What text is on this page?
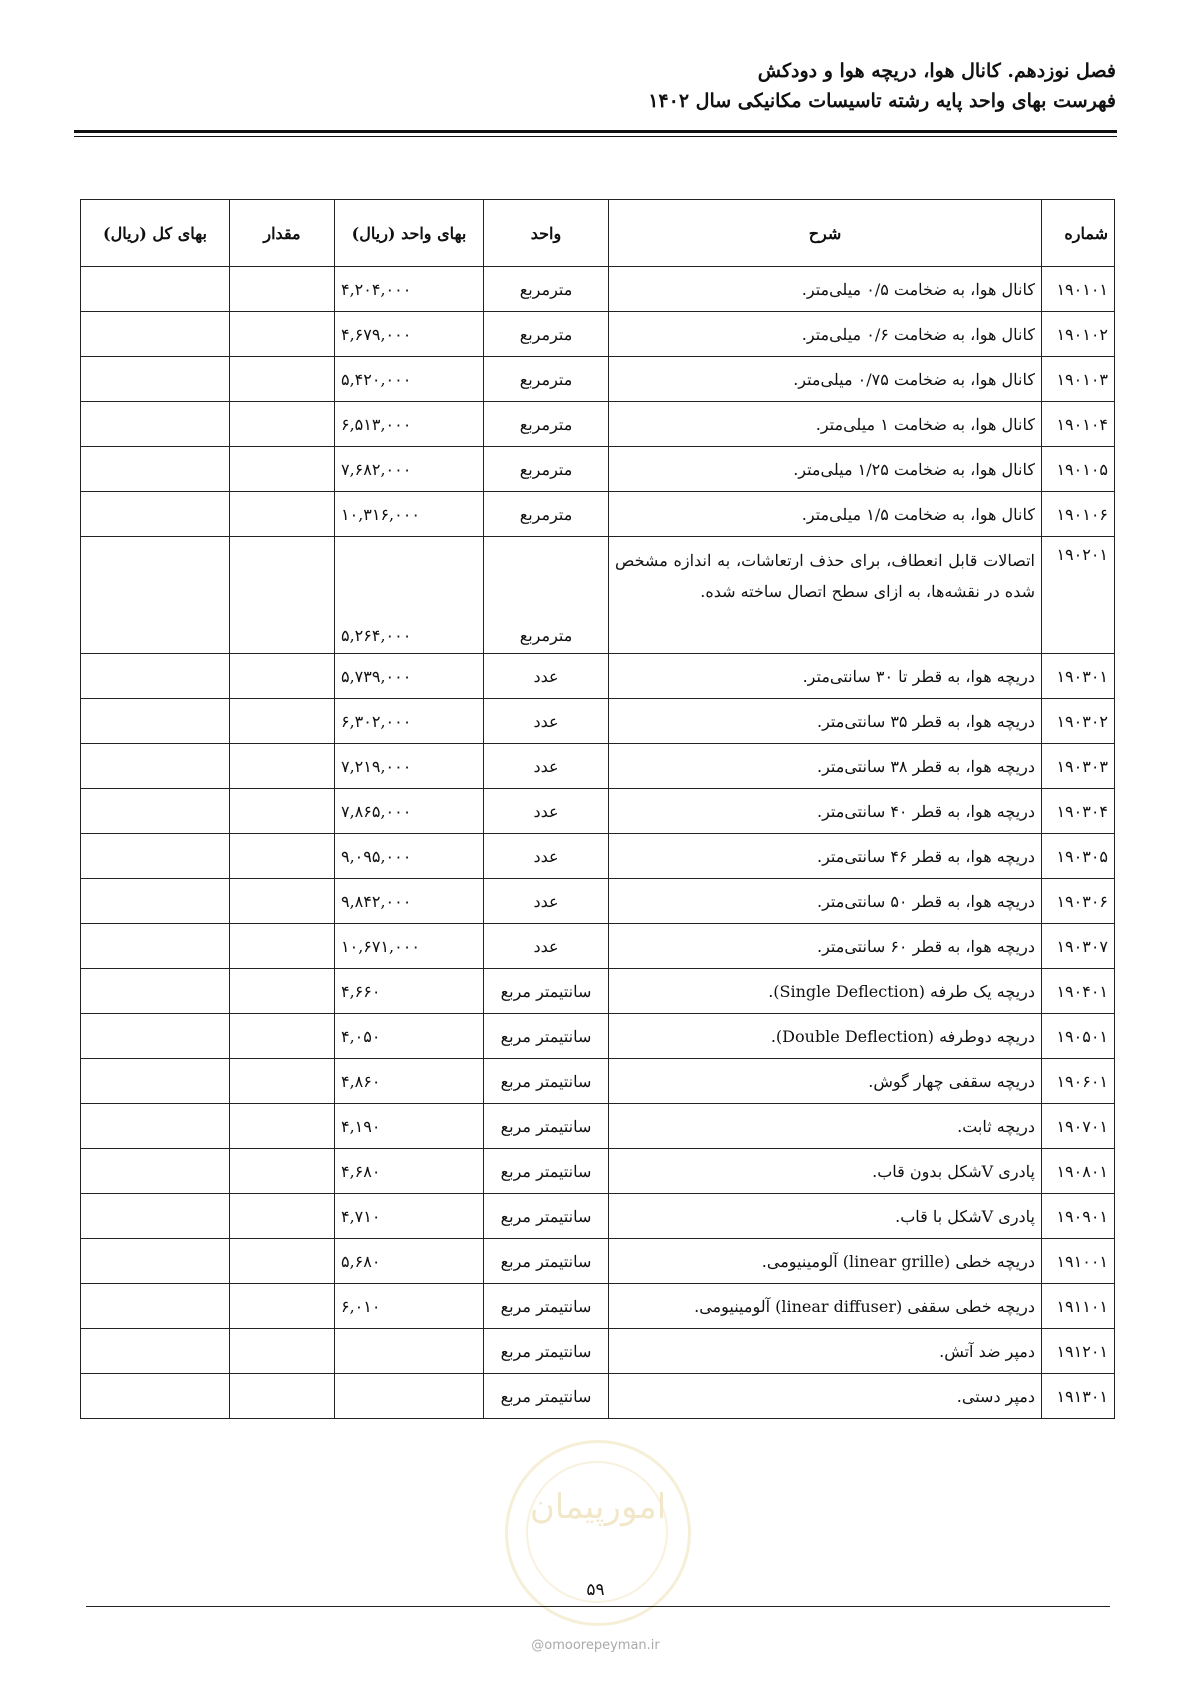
فصل نوزدهم. کانال هوا، دریچه هوا و دودکش
فهرست بهای واحد پایه رشته تاسیسات مکانیکی سال ۱۴۰۲
شماره	شرح	واحد	بهای واحد (ریال)	مقدار	بهای کل (ریال)
۱۹۰۱۰۱	کانال هوا، به ضخامت ۰/۵ میلی‌متر.	مترمربع	۴,۲۰۴,۰۰۰		
۱۹۰۱۰۲	کانال هوا، به ضخامت ۰/۶ میلی‌متر.	مترمربع	۴,۶۷۹,۰۰۰		
۱۹۰۱۰۳	کانال هوا، به ضخامت ۰/۷۵ میلی‌متر.	مترمربع	۵,۴۲۰,۰۰۰		
۱۹۰۱۰۴	کانال هوا، به ضخامت ۱ میلی‌متر.	مترمربع	۶,۵۱۳,۰۰۰		
۱۹۰۱۰۵	کانال هوا، به ضخامت ۱/۲۵ میلی‌متر.	مترمربع	۷,۶۸۲,۰۰۰		
۱۹۰۱۰۶	کانال هوا، به ضخامت ۱/۵ میلی‌متر.	مترمربع	۱۰,۳۱۶,۰۰۰		
۱۹۰۲۰۱	اتصالات قابل انعطاف، برای حذف ارتعاشات، به اندازه مشخص شده در نقشه‌ها، به ازای سطح اتصال ساخته شده.	مترمربع	۵,۲۶۴,۰۰۰		
۱۹۰۳۰۱	دریچه هوا، به قطر تا ۳۰ سانتی‌متر.	عدد	۵,۷۳۹,۰۰۰		
۱۹۰۳۰۲	دریچه هوا، به قطر ۳۵ سانتی‌متر.	عدد	۶,۳۰۲,۰۰۰		
۱۹۰۳۰۳	دریچه هوا، به قطر ۳۸ سانتی‌متر.	عدد	۷,۲۱۹,۰۰۰		
۱۹۰۳۰۴	دریچه هوا، به قطر ۴۰ سانتی‌متر.	عدد	۷,۸۶۵,۰۰۰		
۱۹۰۳۰۵	دریچه هوا، به قطر ۴۶ سانتی‌متر.	عدد	۹,۰۹۵,۰۰۰		
۱۹۰۳۰۶	دریچه هوا، به قطر ۵۰ سانتی‌متر.	عدد	۹,۸۴۲,۰۰۰		
۱۹۰۳۰۷	دریچه هوا، به قطر ۶۰ سانتی‌متر.	عدد	۱۰,۶۷۱,۰۰۰		
۱۹۰۴۰۱	دریچه یک طرفه (Single Deflection).	سانتیمتر مربع	۴,۶۶۰		
۱۹۰۵۰۱	دریچه دوطرفه (Double Deflection).	سانتیمتر مربع	۴,۰۵۰		
۱۹۰۶۰۱	دریچه سقفی چهار گوش.	سانتیمتر مربع	۴,۸۶۰		
۱۹۰۷۰۱	دریچه ثابت.	سانتیمتر مربع	۴,۱۹۰		
۱۹۰۸۰۱	پادری Vشکل بدون قاب.	سانتیمتر مربع	۴,۶۸۰		
۱۹۰۹۰۱	پادری Vشکل با قاب.	سانتیمتر مربع	۴,۷۱۰		
۱۹۱۰۰۱	دریچه خطی (linear grille) آلومینیومی.	سانتیمتر مربع	۵,۶۸۰		
۱۹۱۱۰۱	دریچه خطی سقفی (linear diffuser) آلومینیومی.	سانتیمتر مربع	۶,۰۱۰		
۱۹۱۲۰۱	دمپر ضد آتش.	سانتیمتر مربع			
۱۹۱۳۰۱	دمپر دستی.	سانتیمتر مربع			
امورپیمان
۵۹
@omoorepeyman.ir
